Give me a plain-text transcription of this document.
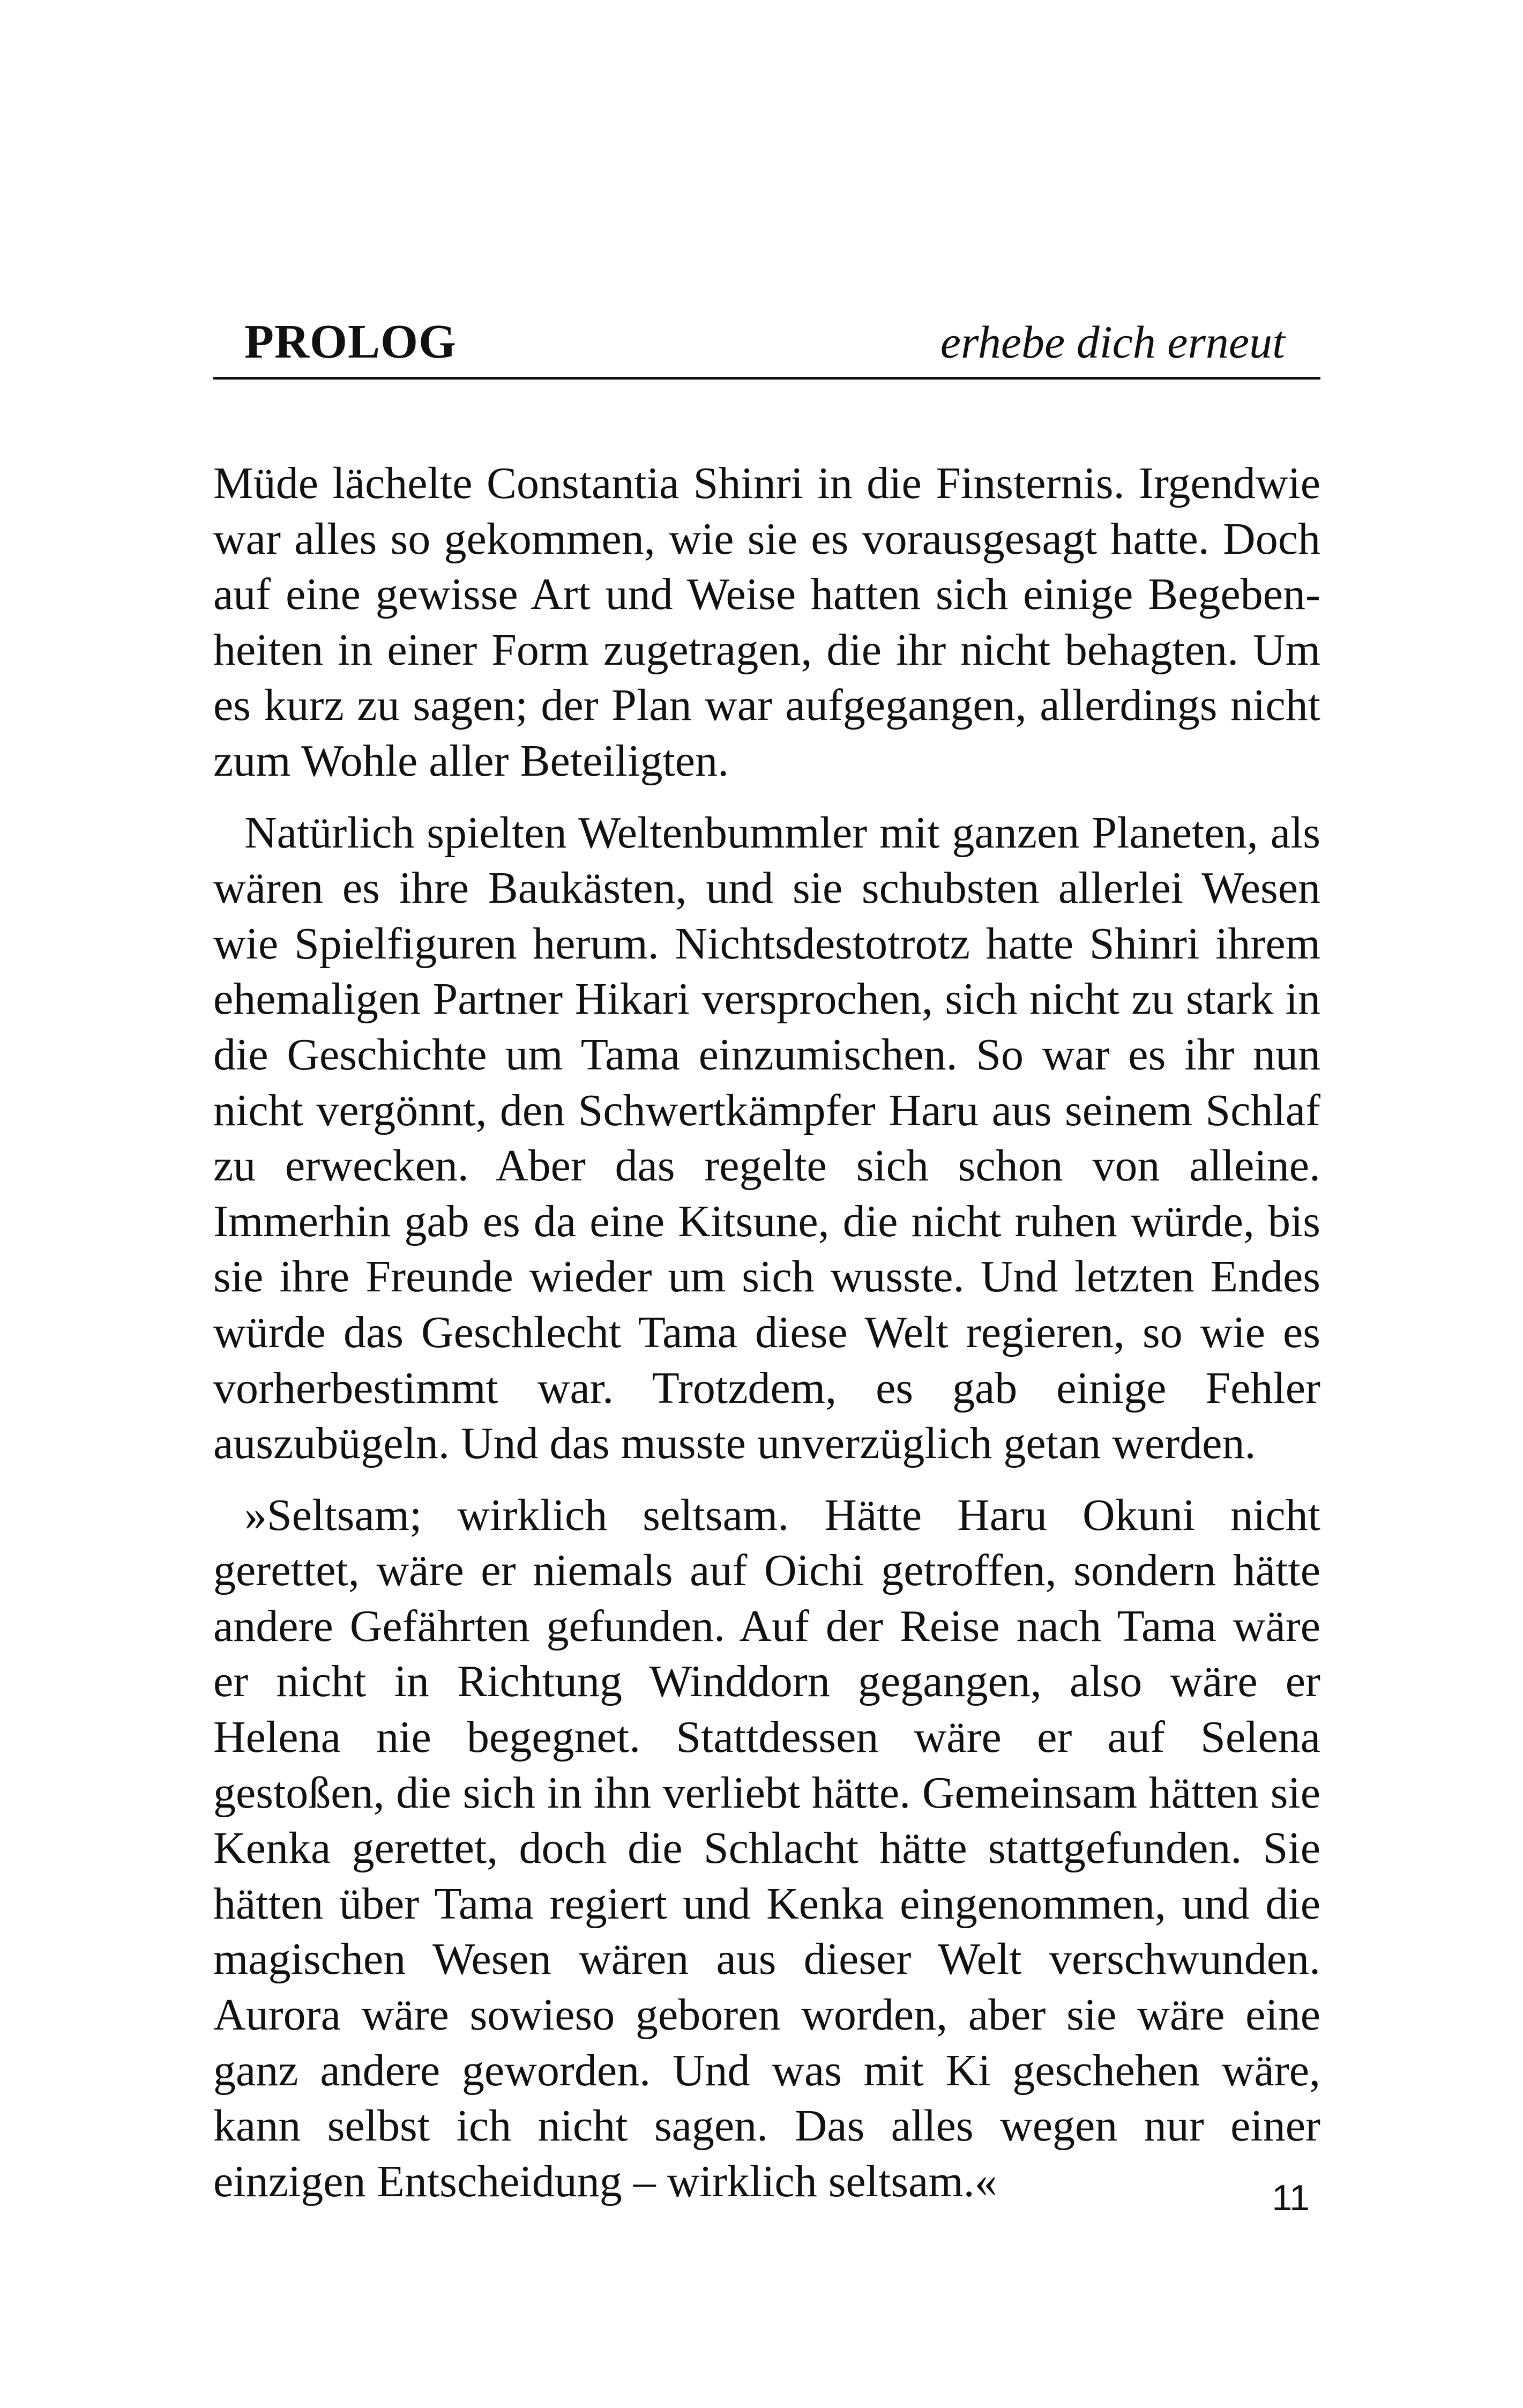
PROLOG	erhebe dich erneut

Müde lächelte Constantia Shinri in die Finsternis. Irgendwie war alles so gekommen, wie sie es vorausgesagt hatte. Doch auf eine gewisse Art und Weise hatten sich einige Begebenheiten in einer Form zugetragen, die ihr nicht behagten. Um es kurz zu sagen; der Plan war aufgegangen, allerdings nicht zum Wohle aller Beteiligten.

Natürlich spielten Weltenbummler mit ganzen Planeten, als wären es ihre Baukästen, und sie schubsten allerlei Wesen wie Spielfiguren herum. Nichtsdestotrotz hatte Shinri ihrem ehemaligen Partner Hikari versprochen, sich nicht zu stark in die Geschichte um Tama einzumischen. So war es ihr nun nicht vergönnt, den Schwertkämpfer Haru aus seinem Schlaf zu erwecken. Aber das regelte sich schon von alleine. Immerhin gab es da eine Kitsune, die nicht ruhen würde, bis sie ihre Freunde wieder um sich wusste. Und letzten Endes würde das Geschlecht Tama diese Welt regieren, so wie es vorherbestimmt war. Trotzdem, es gab einige Fehler auszubügeln. Und das musste unverzüglich getan werden.

»Seltsam; wirklich seltsam. Hätte Haru Okuni nicht gerettet, wäre er niemals auf Oichi getroffen, sondern hätte andere Gefährten gefunden. Auf der Reise nach Tama wäre er nicht in Richtung Winddorn gegangen, also wäre er Helena nie begegnet. Stattdessen wäre er auf Selena gestoßen, die sich in ihn verliebt hätte. Gemeinsam hätten sie Kenka gerettet, doch die Schlacht hätte stattgefunden. Sie hätten über Tama regiert und Kenka eingenommen, und die magischen Wesen wären aus dieser Welt verschwunden. Aurora wäre sowieso geboren worden, aber sie wäre eine ganz andere geworden. Und was mit Ki geschehen wäre, kann selbst ich nicht sagen. Das alles wegen nur einer einzigen Entscheidung – wirklich seltsam.«	11
